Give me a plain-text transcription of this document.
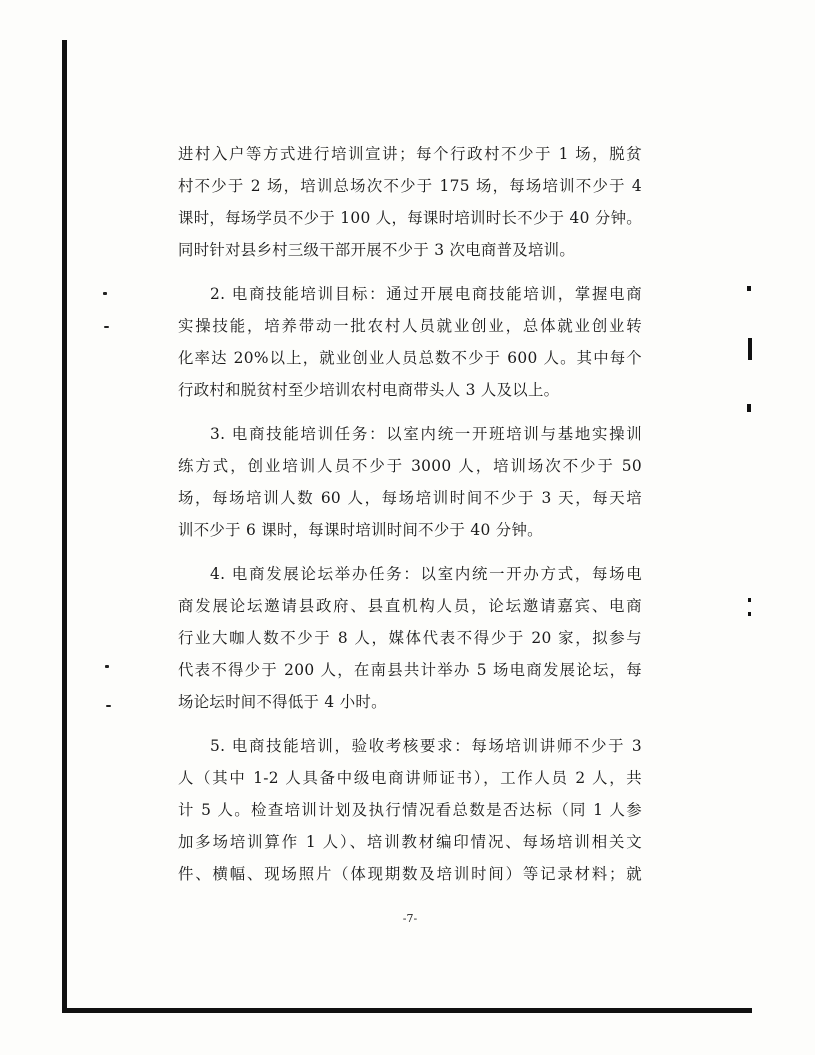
进村入户等方式进行培训宣讲；每个行政村不少于 1 场，脱贫
村不少于 2 场，培训总场次不少于 175 场，每场培训不少于 4
课时，每场学员不少于 100 人，每课时培训时长不少于 40 分钟。
同时针对县乡村三级干部开展不少于 3 次电商普及培训。
2. 电商技能培训目标：通过开展电商技能培训，掌握电商
实操技能，培养带动一批农村人员就业创业，总体就业创业转
化率达 20%以上，就业创业人员总数不少于 600 人。其中每个
行政村和脱贫村至少培训农村电商带头人 3 人及以上。
3. 电商技能培训任务：以室内统一开班培训与基地实操训
练方式，创业培训人员不少于 3000 人，培训场次不少于 50
场，每场培训人数 60 人，每场培训时间不少于 3 天，每天培
训不少于 6 课时，每课时培训时间不少于 40 分钟。
4. 电商发展论坛举办任务：以室内统一开办方式，每场电
商发展论坛邀请县政府、县直机构人员，论坛邀请嘉宾、电商
行业大咖人数不少于 8 人，媒体代表不得少于 20 家，拟参与
代表不得少于 200 人，在南县共计举办 5 场电商发展论坛，每
场论坛时间不得低于 4 小时。
5. 电商技能培训，验收考核要求：每场培训讲师不少于 3
人（其中 1-2 人具备中级电商讲师证书），工作人员 2 人，共
计 5 人。检查培训计划及执行情况看总数是否达标（同 1 人参
加多场培训算作 1 人）、培训教材编印情况、每场培训相关文
件、横幅、现场照片（体现期数及培训时间）等记录材料；就
-7-
